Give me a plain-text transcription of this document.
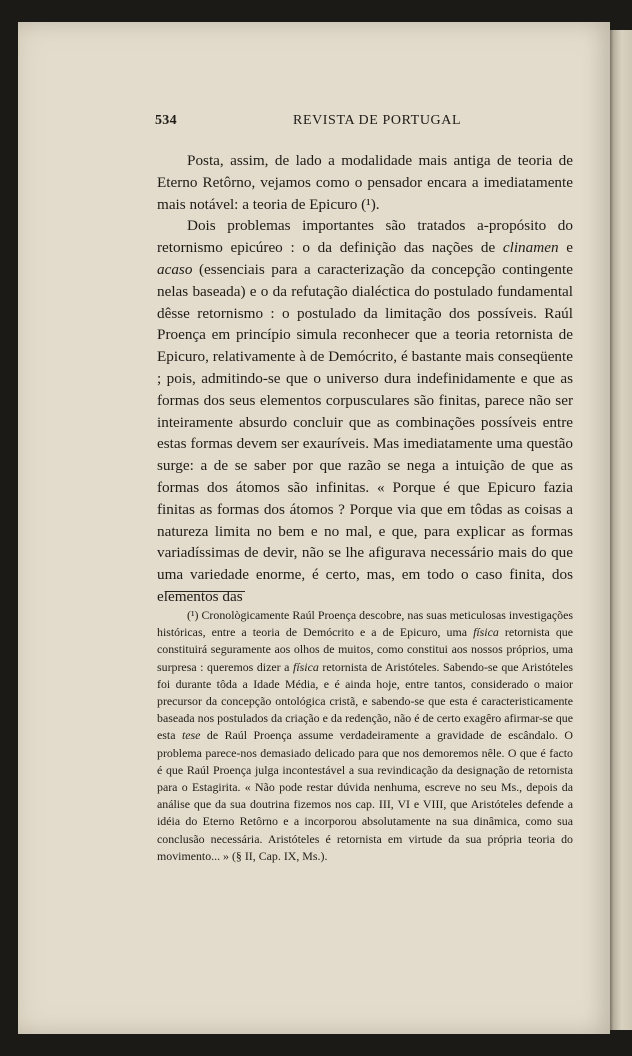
534	REVISTA DE PORTUGAL

Posta, assim, de lado a modalidade mais antiga de teoria de Eterno Retôrno, vejamos como o pensador encara a imediatamente mais notável: a teoria de Epicuro (¹).

Dois problemas importantes são tratados a-propósito do retornismo epicúreo : o da definição das nações de clinamen e acaso (essenciais para a caracterização da concepção contingente nelas baseada) e o da refutação dialéctica do postulado fundamental dêsse retornismo : o postulado da limitação dos possíveis. Raúl Proença em princípio simula reconhecer que a teoria retornista de Epicuro, relativamente à de Demócrito, é bastante mais conseqüente ; pois, admitindo-se que o universo dura indefinidamente e que as formas dos seus elementos corpusculares são finitas, parece não ser inteiramente absurdo concluir que as combinações possíveis entre estas formas devem ser exauríveis. Mas imediatamente uma questão surge: a de se saber por que razão se nega a intuição de que as formas dos átomos são infinitas. « Porque é que Epicuro fazia finitas as formas dos átomos ? Porque via que em tôdas as coisas a natureza limita no bem e no mal, e que, para explicar as formas variadíssimas de devir, não se lhe afigurava necessário mais do que uma variedade enorme, é certo, mas, em todo o caso finita, dos elementos das

(¹) Cronològicamente Raúl Proença descobre, nas suas meticulosas investigações históricas, entre a teoria de Demócrito e a de Epicuro, uma física retornista que constituirá seguramente aos olhos de muitos, como constitui aos nossos próprios, uma surpresa : queremos dizer a física retornista de Aristóteles. Sabendo-se que Aristóteles foi durante tôda a Idade Média, e é ainda hoje, entre tantos, considerado o maior precursor da concepção ontológica cristã, e sabendo-se que esta é caracteristicamente baseada nos postulados da criação e da redenção, não é de certo exagêro afirmar-se que esta tese de Raúl Proença assume verdadeiramente a gravidade de escândalo. O problema parece-nos demasiado delicado para que nos demoremos nêle. O que é facto é que Raúl Proença julga incontestável a sua revindicação da designação de retornista para o Estagirita. « Não pode restar dúvida nenhuma, escreve no seu Ms., depois da análise que da sua doutrina fizemos nos cap. III, VI e VIII, que Aristóteles defende a idéia do Eterno Retôrno e a incorporou absolutamente na sua dinâmica, como sua conclusão necessária. Aristóteles é retornista em virtude da sua própria teoria do movimento... » (§ II, Cap. IX, Ms.).
